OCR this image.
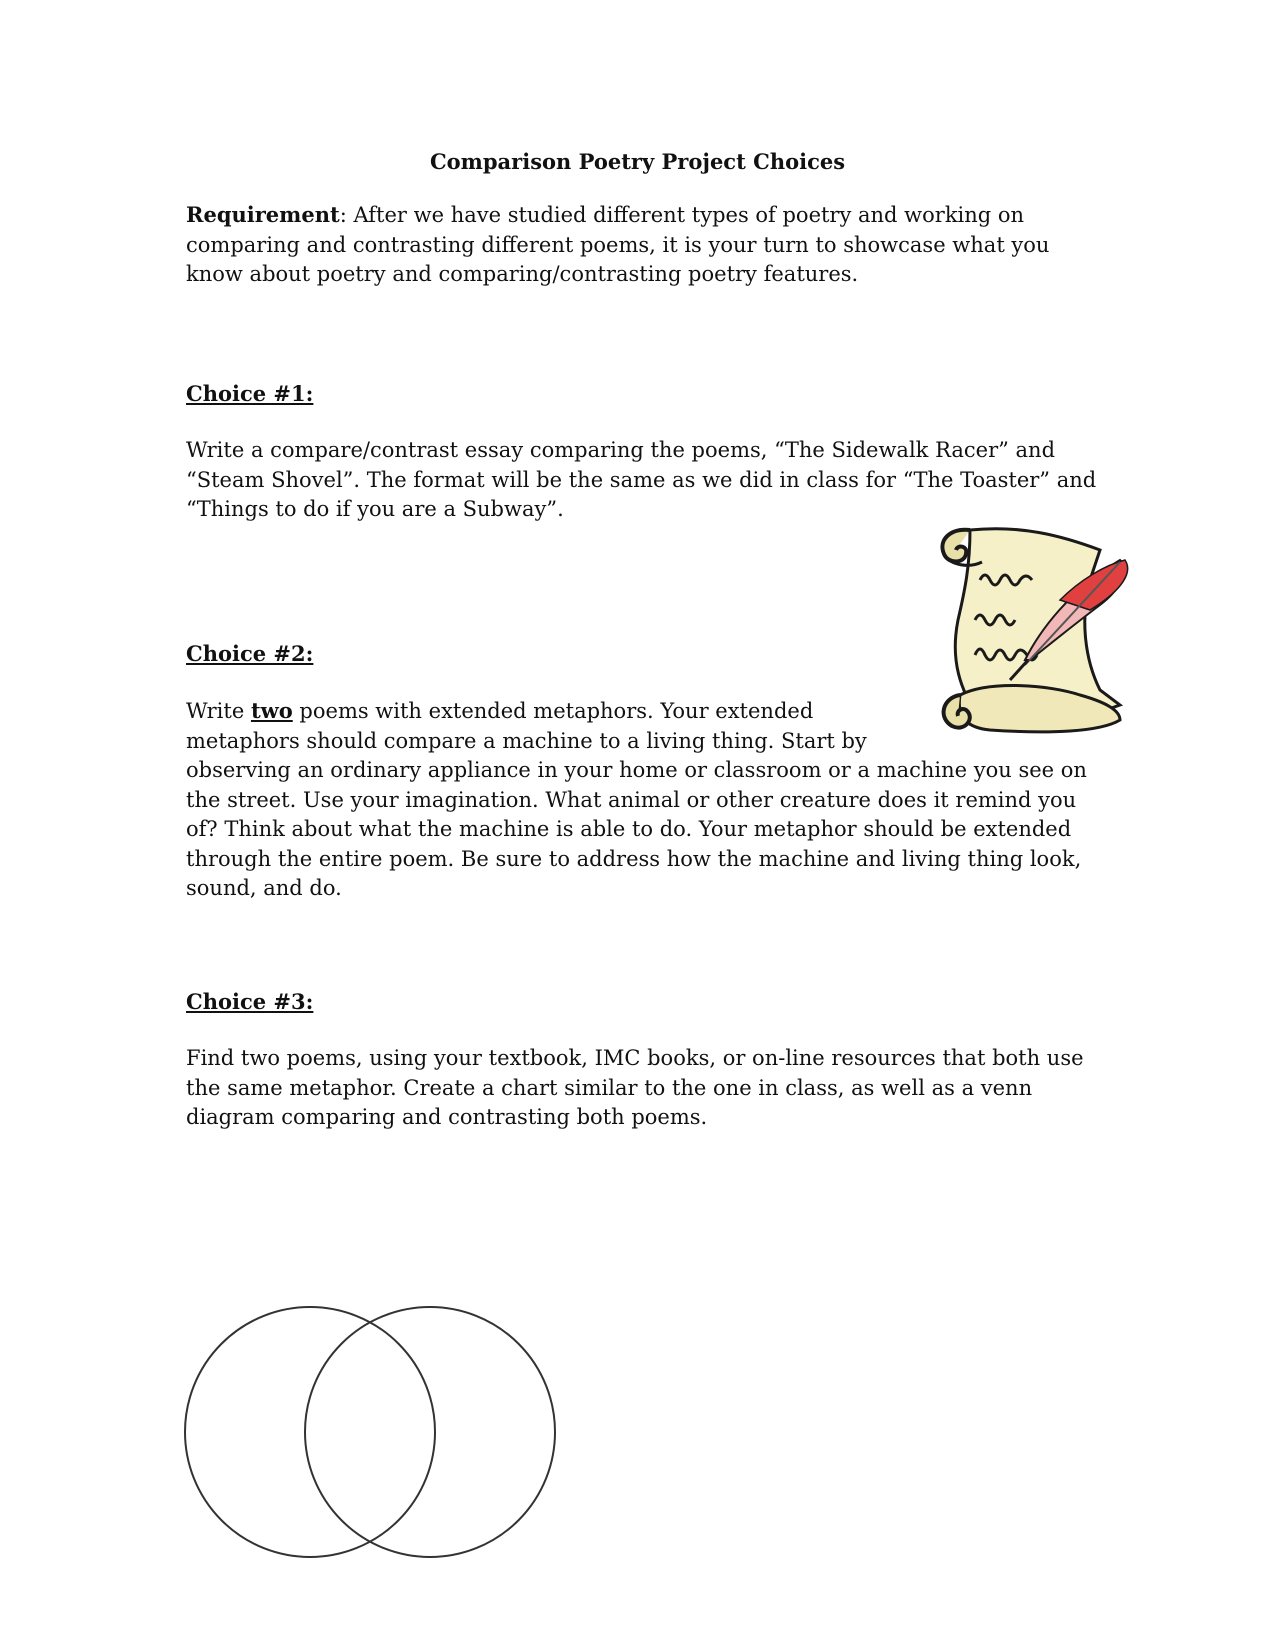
Comparison Poetry Project Choices
Requirement: After we have studied different types of poetry and working on
comparing and contrasting different poems, it is your turn to showcase what you
know about poetry and comparing/contrasting poetry features.
Choice #1:
Write a compare/contrast essay comparing the poems, “The Sidewalk Racer” and
“Steam Shovel”. The format will be the same as we did in class for “The Toaster” and
“Things to do if you are a Subway”.
Choice #2:
Write two poems with extended metaphors. Your extended
metaphors should compare a machine to a living thing. Start by
observing an ordinary appliance in your home or classroom or a machine you see on
the street. Use your imagination. What animal or other creature does it remind you
of? Think about what the machine is able to do. Your metaphor should be extended
through the entire poem. Be sure to address how the machine and living thing look,
sound, and do.
Choice #3:
Find two poems, using your textbook, IMC books, or on-line resources that both use
the same metaphor. Create a chart similar to the one in class, as well as a venn
diagram comparing and contrasting both poems.
